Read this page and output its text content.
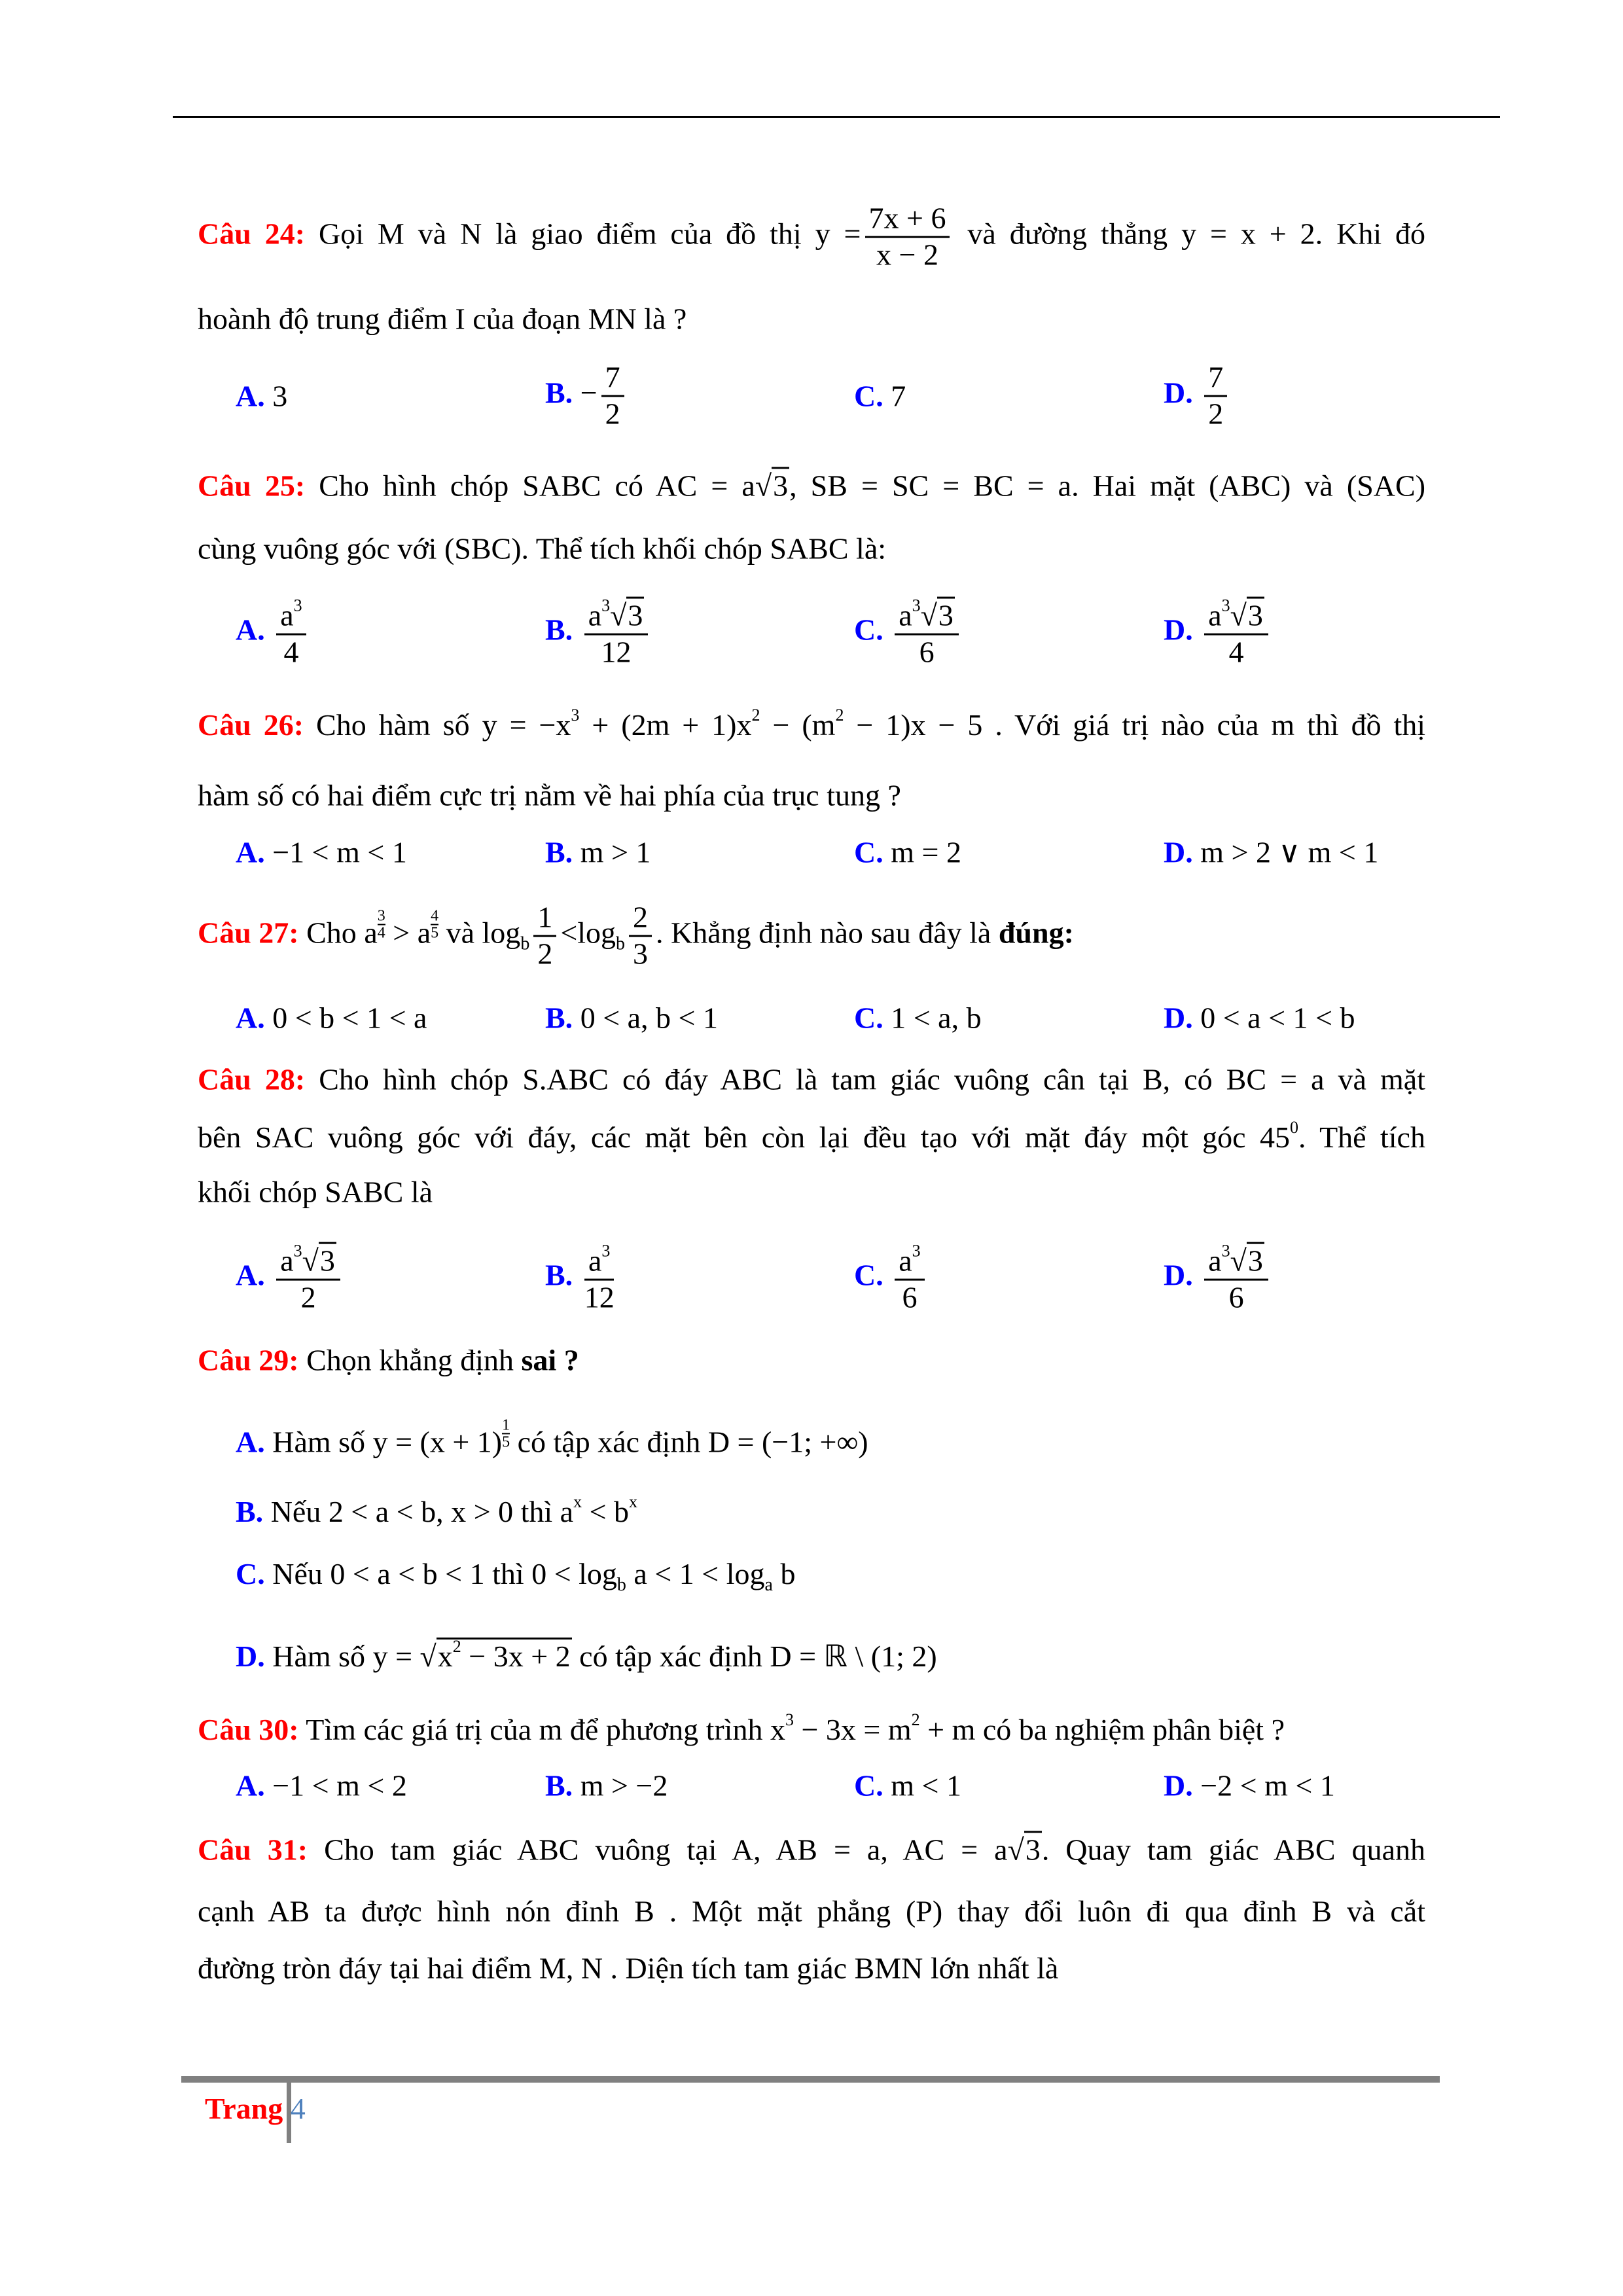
Câu 24: Gọi M và N là giao điểm của đồ thị $y = \frac{7x + 6}{x - 2}$ và đường thẳng y = x + 2. Khi đó
hoành độ trung điểm I của đoạn MN là ?
A. 3	B. − $\frac{7}{2}$	C. 7	D. $\frac{7}{2}$
Câu 25: Cho hình chóp SABC có AC = a√3, SB = SC = BC = a. Hai mặt (ABC) và (SAC)
cùng vuông góc với (SBC). Thể tích khối chóp SABC là:
A. $\frac{a^3}{4}$	B. $\frac{a^3√3}{12}$	C. $\frac{a^3√3}{6}$	D. $\frac{a^3√3}{4}$
Câu 26: Cho hàm số $y = -x^3 + (2m + 1)x^2 - (m^2 - 1)x - 5$ . Với giá trị nào của m thì đồ thị
hàm số có hai điểm cực trị nằm về hai phía của trục tung ?
A. −1 < m < 1	B. m > 1	C. m = 2	D. m > 2 ∨ m < 1
Câu 27: Cho a $\frac{3}{4} > a \frac{4}{5}$ và $\log_b \frac{1}{2} <\log_b \frac{2}{3}$ . Khẳng định nào sau đây là đúng:
A. 0 < b < 1 < a	B. 0 < a, b < 1	C. 1 < a, b	D. 0 < a < 1 < b
Câu 28: Cho hình chóp S.ABC có đáy ABC là tam giác vuông cân tại B, có BC = a và mặt
bên SAC vuông góc với đáy, các mặt bên còn lại đều tạo với mặt đáy một góc $45^0$. Thể tích
khối chóp SABC là
A. $\frac{a^3√3}{2}$	B. $\frac{a^3}{12}$	C. $\frac{a^3}{6}$	D. $\frac{a^3√3}{6}$
Câu 29: Chọn khẳng định sai ?
A. Hàm số $y = (x + 1) \frac{1}{5}$ có tập xác định D = (−1; +∞)
B. Nếu 2 < a < b, x > 0 thì $a^x < b^x$
C. Nếu 0 < a < b < 1 thì $0 < \log_b a < 1 < \log_a b$
D. Hàm số $y = √x^2 - 3x + 2$ có tập xác định D = ℝ \ (1; 2)
Câu 30: Tìm các giá trị của m để phương trình $x^3 - 3x = m^2 + m$ có ba nghiệm phân biệt ?
A. −1 < m < 2	B. m > −2	C. m < 1	D. −2 < m < 1
Câu 31: Cho tam giác ABC vuông tại A, AB = a, AC = a√3. Quay tam giác ABC quanh
cạnh AB ta được hình nón đỉnh B . Một mặt phẳng (P) thay đổi luôn đi qua đỉnh B và cắt
đường tròn đáy tại hai điểm M, N . Diện tích tam giác BMN lớn nhất là
Trang 4
